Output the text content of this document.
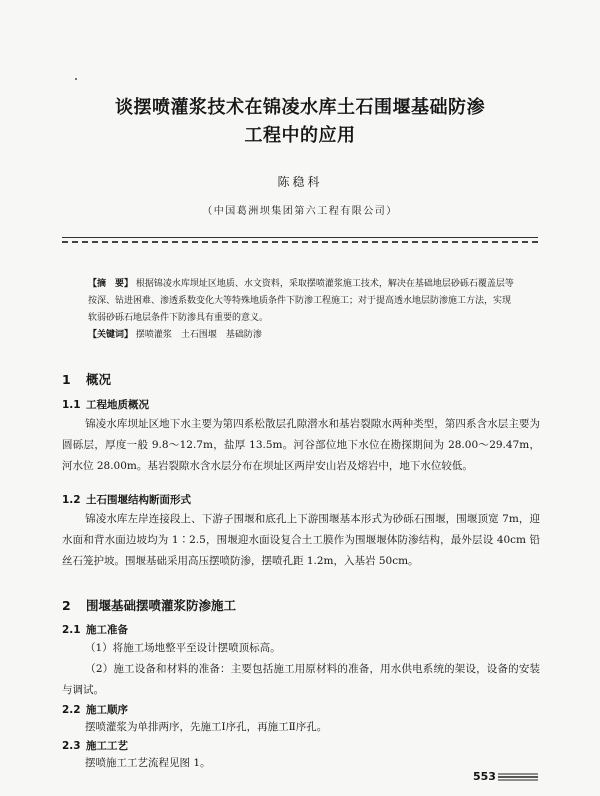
谈摆喷灌浆技术在锦凌水库土石围堰基础防渗
工程中的应用
陈稳科
（中国葛洲坝集团第六工程有限公司）
【摘　要】 根据锦凌水库坝址区地质、水文资料，采取摆喷灌浆施工技术，解决在基础地层砂砾石覆盖层等按深、钻进困难、渗透系数变化大等特殊地质条件下防渗工程施工；对于提高透水地层防渗施工方法，实现软弱砂砾石地层条件下防渗具有重要的意义。
【关键词】 摆喷灌浆　土石围堰　基础防渗
1 概况
1.1 工程地质概况
锦凌水库坝址区地下水主要为第四系松散层孔隙潜水和基岩裂隙水两种类型，第四系含水层主要为圆砾层，厚度一般 9.8～12.7m，盐厚 13.5m。河谷部位地下水位在勘探期间为 28.00～29.47m，河水位 28.00m。基岩裂隙水含水层分布在坝址区两岸安山岩及熔岩中，地下水位较低。
1.2 土石围堰结构断面形式
锦凌水库左岸连接段上、下游子围堰和底孔上下游围堰基本形式为砂砾石围堰，围堰顶宽 7m，迎水面和背水面边坡均为 1∶2.5，围堰迎水面设复合土工膜作为围堰堰体防渗结构，最外层设 40cm 铅丝石笼护坡。围堰基础采用高压摆喷防渗，摆喷孔距 1.2m，入基岩 50cm。
2 围堰基础摆喷灌浆防渗施工
2.1 施工准备
（1）将施工场地整平至设计摆喷顶标高。
（2）施工设备和材料的准备：主要包括施工用原材料的准备，用水供电系统的架设，设备的安装与调试。
2.2 施工顺序
摆喷灌浆为单排两序，先施工Ⅰ序孔，再施工Ⅱ序孔。
2.3 施工工艺
摆喷施工工艺流程见图 1。
553
